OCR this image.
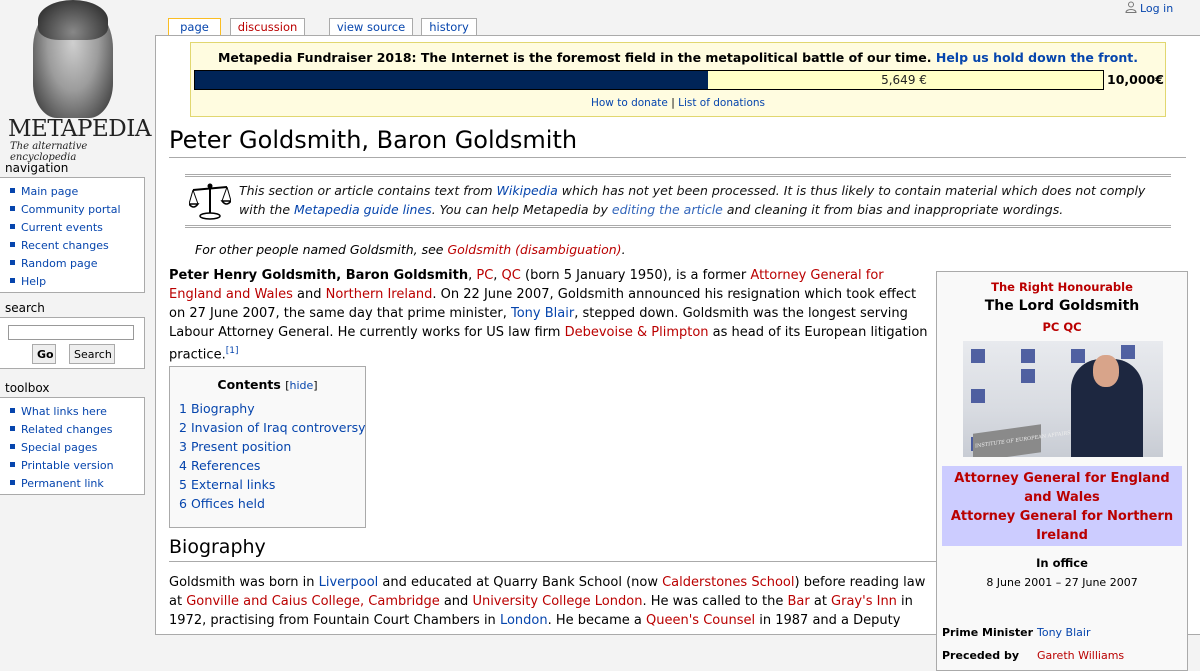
METAPEDIA
The alternative encyclopedia
page	discussion	view source	history
Log in
navigation
Main page
Community portal
Current events
Recent changes
Random page
Help
search
Go	Search
toolbox
What links here
Related changes
Special pages
Printable version
Permanent link
Metapedia Fundraiser 2018: The Internet is the foremost field in the metapolitical battle of our time. Help us hold down the front.
5,649 €	10,000€
How to donate | List of donations
Peter Goldsmith, Baron Goldsmith
This section or article contains text from Wikipedia which has not yet been processed. It is thus likely to contain material which does not comply with the Metapedia guide lines. You can help Metapedia by editing the article and cleaning it from bias and inappropriate wordings.
For other people named Goldsmith, see Goldsmith (disambiguation).
Peter Henry Goldsmith, Baron Goldsmith, PC, QC (born 5 January 1950), is a former Attorney General for England and Wales and Northern Ireland. On 22 June 2007, Goldsmith announced his resignation which took effect on 27 June 2007, the same day that prime minister, Tony Blair, stepped down. Goldsmith was the longest serving Labour Attorney General. He currently works for US law firm Debevoise & Plimpton as head of its European litigation practice.[1]
Contents [hide]
1 Biography
2 Invasion of Iraq controversy
3 Present position
4 References
5 External links
6 Offices held
Biography
Goldsmith was born in Liverpool and educated at Quarry Bank School (now Calderstones School) before reading law at Gonville and Caius College, Cambridge and University College London. He was called to the Bar at Gray's Inn in 1972, practising from Fountain Court Chambers in London. He became a Queen's Counsel in 1987 and a Deputy
The Right Honourable
The Lord Goldsmith
PC QC
INSTITUTE OF EUROPEAN AFFAIRS
Attorney General for England and Wales
Attorney General for Northern Ireland
In office
8 June 2001 – 27 June 2007
Prime Minister Tony Blair
Preceded by Gareth Williams
